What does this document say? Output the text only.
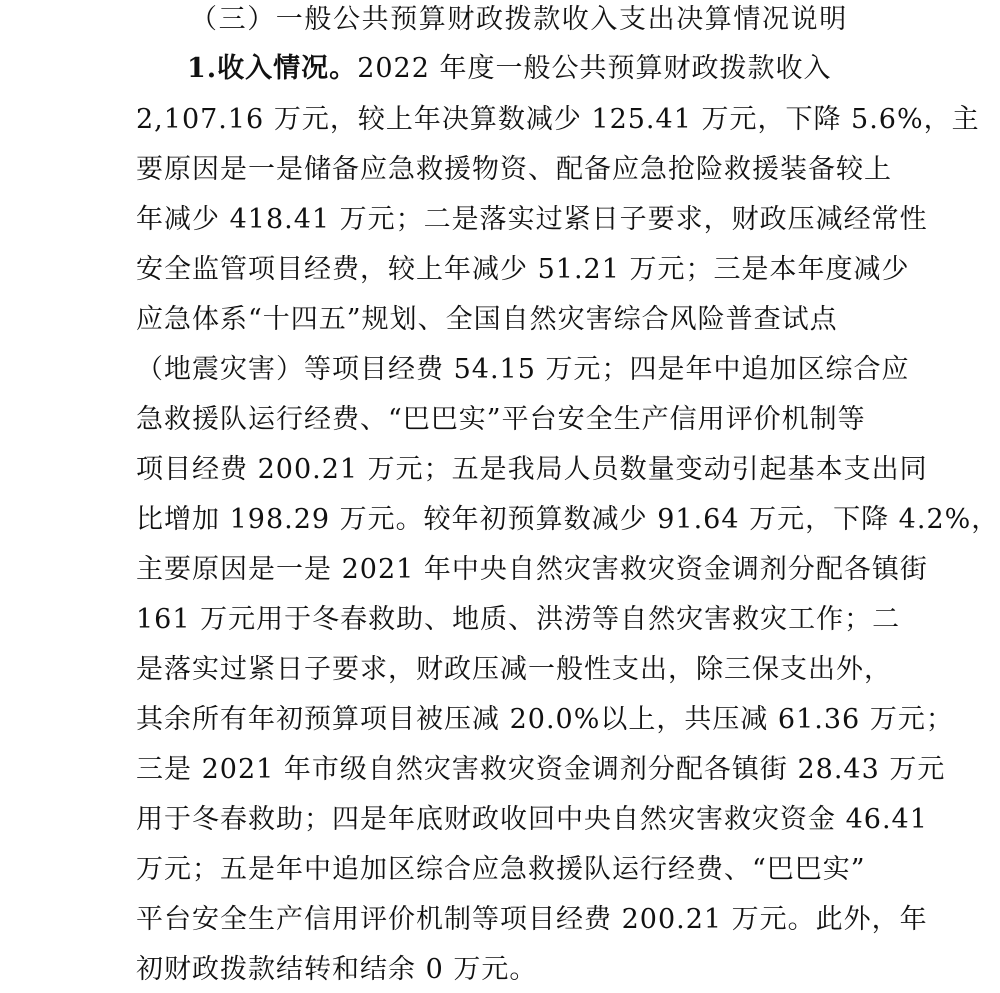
（三）一般公共预算财政拨款收入支出决算情况说明
1.收入情况。2022 年度一般公共预算财政拨款收入
2,107.16 万元，较上年决算数减少 125.41 万元，下降 5.6%，主
要原因是一是储备应急救援物资、配备应急抢险救援装备较上
年减少 418.41 万元；二是落实过紧日子要求，财政压减经常性
安全监管项目经费，较上年减少 51.21 万元；三是本年度减少
应急体系“十四五”规划、全国自然灾害综合风险普查试点
（地震灾害）等项目经费 54.15 万元；四是年中追加区综合应
急救援队运行经费、“巴巴实”平台安全生产信用评价机制等
项目经费 200.21 万元；五是我局人员数量变动引起基本支出同
比增加 198.29 万元。较年初预算数减少 91.64 万元，下降 4.2%，
主要原因是一是 2021 年中央自然灾害救灾资金调剂分配各镇街
161 万元用于冬春救助、地质、洪涝等自然灾害救灾工作；二
是落实过紧日子要求，财政压减一般性支出，除三保支出外，
其余所有年初预算项目被压减 20.0%以上，共压减 61.36 万元；
三是 2021 年市级自然灾害救灾资金调剂分配各镇街 28.43 万元
用于冬春救助；四是年底财政收回中央自然灾害救灾资金 46.41
万元；五是年中追加区综合应急救援队运行经费、“巴巴实”
平台安全生产信用评价机制等项目经费 200.21 万元。此外，年
初财政拨款结转和结余 0 万元。
